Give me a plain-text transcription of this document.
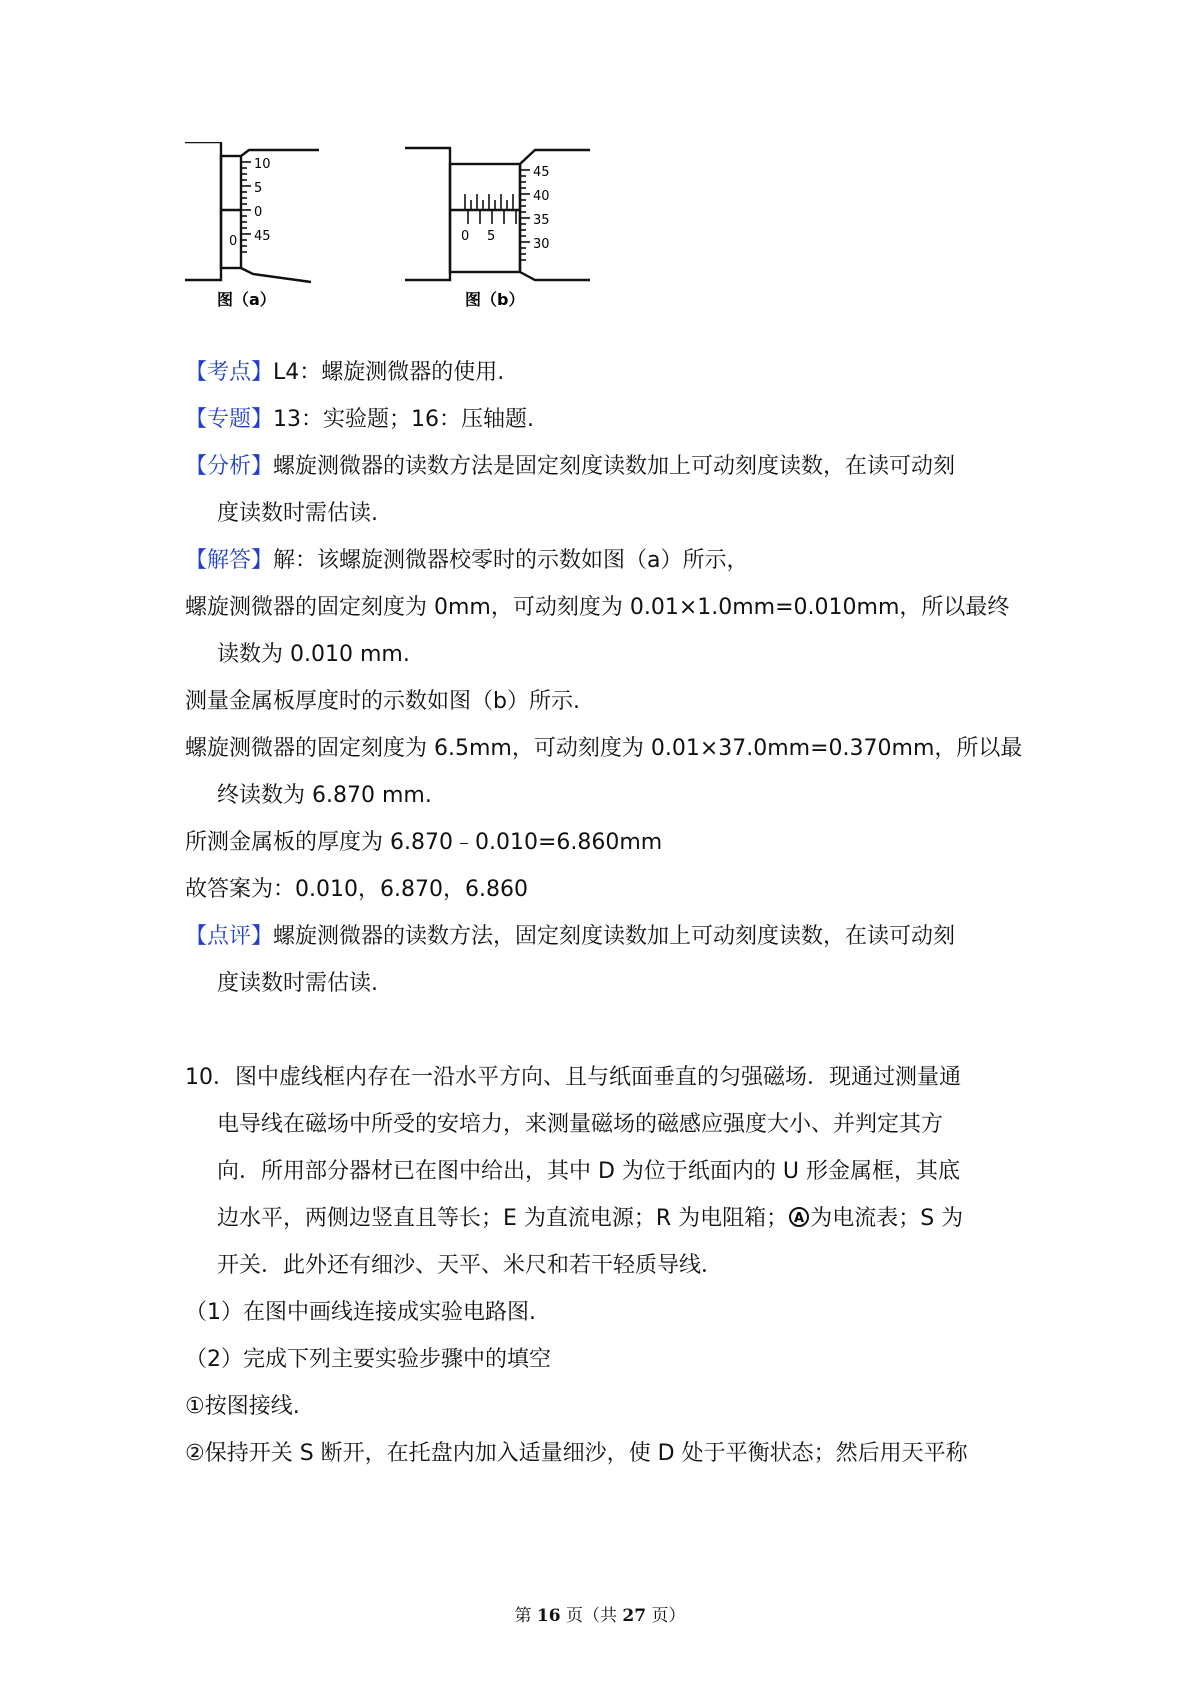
10
5
0
45
0
图（a）
45
40
35
30
0 5
图（b）
【考点】L4：螺旋测微器的使用.
【专题】13：实验题；16：压轴题.
【分析】螺旋测微器的读数方法是固定刻度读数加上可动刻度读数，在读可动刻
度读数时需估读.
【解答】解：该螺旋测微器校零时的示数如图（a）所示，
螺旋测微器的固定刻度为 0mm，可动刻度为 0.01×1.0mm=0.010mm，所以最终
读数为 0.010 mm.
测量金属板厚度时的示数如图（b）所示.
螺旋测微器的固定刻度为 6.5mm，可动刻度为 0.01×37.0mm=0.370mm，所以最
终读数为 6.870 mm.
所测金属板的厚度为 6.870﹣0.010=6.860mm
故答案为：0.010，6.870，6.860
【点评】螺旋测微器的读数方法，固定刻度读数加上可动刻度读数，在读可动刻
度读数时需估读.
10．图中虚线框内存在一沿水平方向、且与纸面垂直的匀强磁场．现通过测量通
电导线在磁场中所受的安培力，来测量磁场的磁感应强度大小、并判定其方
向．所用部分器材已在图中给出，其中 D 为位于纸面内的 U 形金属框，其底
边水平，两侧边竖直且等长；E 为直流电源；R 为电阻箱； A 为电流表；S 为
开关．此外还有细沙、天平、米尺和若干轻质导线．
（1）在图中画线连接成实验电路图.
（2）完成下列主要实验步骤中的填空
①按图接线.
②保持开关 S 断开，在托盘内加入适量细沙，使 D 处于平衡状态；然后用天平称
第 16 页（共 27 页）
